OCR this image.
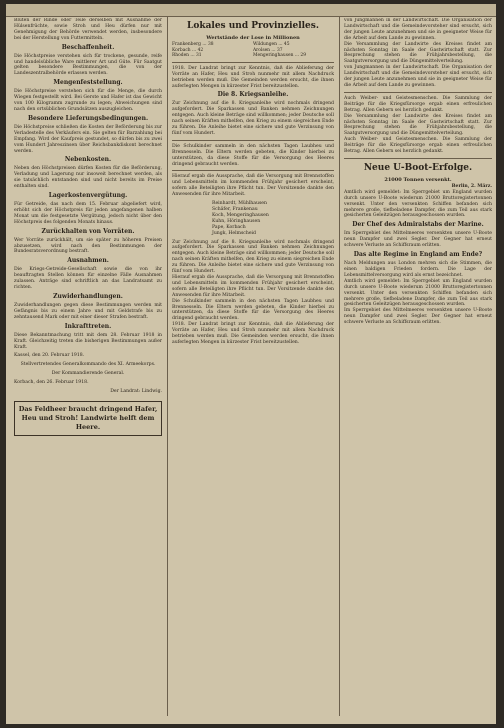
Blüten der Rinde oder Teile derselben mit Ausnahme der Hülsenfrüchte, sowie Stroh und Heu dürfen nur mit Genehmigung der Behörde verwendet werden, insbesondere bei der Herstellung von Futtermitteln.

Beschaffenheit.

Die Höchstpreise verstehen sich für trockene, gesunde, reife und handelsübliche Ware mittlerer Art und Güte. Für Saatgut gelten besondere Bestimmungen, die von der Landeszentralbehörde erlassen werden.

Mengenfeststellung.

Die Höchstpreise verstehen sich für die Menge, die durch Wiegen festgestellt wird. Bei Gerste und Hafer ist das Gewicht von 100 Kilogramm zugrunde zu legen; Abweichungen sind nach den ortsüblichen Grundsätzen auszugleichen.

Besondere Lieferungsbedingungen.

Die Höchstpreise schließen die Kosten der Beförderung bis zur Verladestelle des Verkäufers ein. Sie gelten für Barzahlung bei Empfang. Wird der Kaufpreis gestundet, so dürfen bis zu zwei vom Hundert Jahreszinsen über Reichsbankdiskont berechnet werden.

Nebenkosten.

Neben den Höchstpreisen dürfen Kosten für die Beförderung, Verladung und Lagerung nur insoweit berechnet werden, als sie tatsächlich entstanden sind und nicht bereits im Preise enthalten sind.

Lagerkostenvergütung.

Für Getreide, das nach dem 15. Februar abgeliefert wird, erhöht sich der Höchstpreis für jeden angefangenen halben Monat um die festgesetzte Vergütung, jedoch nicht über den Höchstpreis des folgenden Monats hinaus.

Zurückhalten von Vorräten.

Wer Vorräte zurückhält, um sie später zu höheren Preisen abzusetzen, wird nach den Bestimmungen der Bundesratsverordnung bestraft.

Ausnahmen.

Die Kriegs-Getreide-Gesellschaft sowie die von ihr beauftragten Stellen können für einzelne Fälle Ausnahmen zulassen. Anträge sind schriftlich an das Landratsamt zu richten.

Zuwiderhandlungen.

Zuwiderhandlungen gegen diese Bestimmungen werden mit Gefängnis bis zu einem Jahre und mit Geldstrafe bis zu zehntausend Mark oder mit einer dieser Strafen bestraft.

Inkrafttreten.

Diese Bekanntmachung tritt mit dem 28. Februar 1918 in Kraft. Gleichzeitig treten die bisherigen Bestimmungen außer Kraft.

Kassel, den 20. Februar 1918.
Stellvertretendes Generalkommando des XI. Armeekorps.
Der Kommandierende General.
Korbach, den 26. Februar 1918.
Der Landrat: Lindwig.
Das Feldheer braucht dringend Hafer, Heu und Stroh! Landwirte helft dem Heere.
Lokales und Provinzielles.
Wertstände der Lose in Millionen
Frankenberg ... 38	Wildungen ... 45
Korbach ... 42	Arolsen ... 37
Rhoden ... 31	Mengeringhausen ... 29

1918. Der Landrat bringt zur Kenntnis, daß die Ablieferung der Vorräte an Hafer, Heu und Stroh nunmehr mit allem Nachdruck betrieben werden muß. Die Gemeinden werden ersucht, die ihnen auferlegten Mengen in kürzester Frist bereitzustellen.

Die 8. Kriegsanleihe.

Zur Zeichnung auf die 8. Kriegsanleihe wird nochmals dringend aufgefordert. Die Sparkassen und Banken nehmen Zeichnungen entgegen. Auch kleine Beträge sind willkommen; jeder Deutsche soll nach seinen Kräften mithelfen, den Krieg zu einem siegreichen Ende zu führen. Die Anleihe bietet eine sichere und gute Verzinsung von fünf vom Hundert.

Die Schulkinder sammeln in den nächsten Tagen Laubheu und Brennesseln. Die Eltern werden gebeten, die Kinder hierbei zu unterstützen, da diese Stoffe für die Versorgung des Heeres dringend gebraucht werden.

Hierauf ergab die Aussprache, daß die Versorgung mit Brennstoffen und Lebensmitteln im kommenden Frühjahr gesichert erscheint, sofern alle Beteiligten ihre Pflicht tun. Der Vorsitzende dankte den Anwesenden für ihre Mitarbeit.

Reinhardt, Mühlhausen
Schäfer, Frankenau
Koch, Mengeringhausen
Kuhn, Höringhausen
Pape, Korbach
Jungk, Helmscheid

Zur Zeichnung auf die 8. Kriegsanleihe wird nochmals dringend aufgefordert. Die Sparkassen und Banken nehmen Zeichnungen entgegen. Auch kleine Beträge sind willkommen; jeder Deutsche soll nach seinen Kräften mithelfen, den Krieg zu einem siegreichen Ende zu führen. Die Anleihe bietet eine sichere und gute Verzinsung von fünf vom Hundert.

Hierauf ergab die Aussprache, daß die Versorgung mit Brennstoffen und Lebensmitteln im kommenden Frühjahr gesichert erscheint, sofern alle Beteiligten ihre Pflicht tun. Der Vorsitzende dankte den Anwesenden für ihre Mitarbeit.

Die Schulkinder sammeln in den nächsten Tagen Laubheu und Brennesseln. Die Eltern werden gebeten, die Kinder hierbei zu unterstützen, da diese Stoffe für die Versorgung des Heeres dringend gebraucht werden.

1918. Der Landrat bringt zur Kenntnis, daß die Ablieferung der Vorräte an Hafer, Heu und Stroh nunmehr mit allem Nachdruck betrieben werden muß. Die Gemeinden werden ersucht, die ihnen auferlegten Mengen in kürzester Frist bereitzustellen.

von Jungmannen in der Landwirtschaft. Die Organisation der Landwirtschaft und die Gemeindevorsteher sind ersucht, sich der jungen Leute anzunehmen und sie in geeigneter Weise für die Arbeit auf dem Lande zu gewinnen.

Die Versammlung der Landwirte des Kreises findet am nächsten Sonntag im Saale der Gastwirtschaft statt. Zur Besprechung stehen die Frühjahrsbestellung, die Saatgutversorgung und die Düngemittelverteilung.

von Jungmannen in der Landwirtschaft. Die Organisation der Landwirtschaft und die Gemeindevorsteher sind ersucht, sich der jungen Leute anzunehmen und sie in geeigneter Weise für die Arbeit auf dem Lande zu gewinnen.

Auch Weiber- und Geistesmenschen. Die Sammlung der Beiträge für die Kriegsfürsorge ergab einen erfreulichen Betrag. Allen Gebern sei herzlich gedankt.

Die Versammlung der Landwirte des Kreises findet am nächsten Sonntag im Saale der Gastwirtschaft statt. Zur Besprechung stehen die Frühjahrsbestellung, die Saatgutversorgung und die Düngemittelverteilung.

Auch Weiber- und Geistesmenschen. Die Sammlung der Beiträge für die Kriegsfürsorge ergab einen erfreulichen Betrag. Allen Gebern sei herzlich gedankt.

Neue U-Boot-Erfolge.
21000 Tonnen versenkt.
Berlin, 2. März.

Amtlich wird gemeldet: Im Sperrgebiet um England wurden durch unsere U-Boote wiederum 21000 Bruttoregistertonnen versenkt. Unter den versenkten Schiffen befanden sich mehrere große, tiefbeladene Dampfer, die zum Teil aus stark gesicherten Geleitzügen herausgeschossen wurden.

Der Chef des Admiralstabs der Marine.

Im Sperrgebiet des Mittelmeeres versenkten unsere U-Boote neun Dampfer und zwei Segler. Der Gegner hat erneut schwere Verluste an Schiffsraum erlitten.

Das alte Regime in England am Ende?

Nach Meldungen aus London mehren sich die Stimmen, die einen baldigen Frieden fordern. Die Lage der Lebensmittelversorgung wird als ernst bezeichnet.

Amtlich wird gemeldet: Im Sperrgebiet um England wurden durch unsere U-Boote wiederum 21000 Bruttoregistertonnen versenkt. Unter den versenkten Schiffen befanden sich mehrere große, tiefbeladene Dampfer, die zum Teil aus stark gesicherten Geleitzügen herausgeschossen wurden.

Im Sperrgebiet des Mittelmeeres versenkten unsere U-Boote neun Dampfer und zwei Segler. Der Gegner hat erneut schwere Verluste an Schiffsraum erlitten.
